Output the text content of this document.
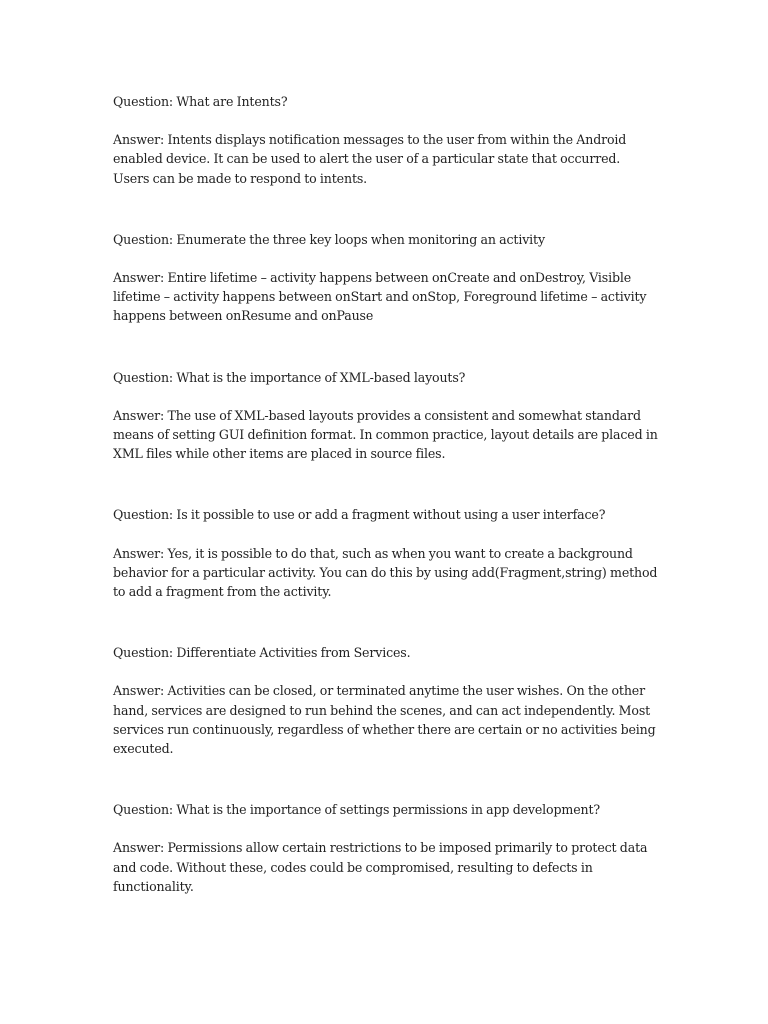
Question: What are Intents?

Answer: Intents displays notification messages to the user from within the Android enabled device. It can be used to alert the user of a particular state that occurred. Users can be made to respond to intents.

Question: Enumerate the three key loops when monitoring an activity

Answer: Entire lifetime – activity happens between onCreate and onDestroy, Visible lifetime – activity happens between onStart and onStop, Foreground lifetime – activity happens between onResume and onPause

Question: What is the importance of XML-based layouts?

Answer: The use of XML-based layouts provides a consistent and somewhat standard means of setting GUI definition format. In common practice, layout details are placed in XML files while other items are placed in source files.

Question: Is it possible to use or add a fragment without using a user interface?

Answer: Yes, it is possible to do that, such as when you want to create a background behavior for a particular activity. You can do this by using add(Fragment,string) method to add a fragment from the activity.

Question: Differentiate Activities from Services.

Answer: Activities can be closed, or terminated anytime the user wishes. On the other hand, services are designed to run behind the scenes, and can act independently. Most services run continuously, regardless of whether there are certain or no activities being executed.

Question: What is the importance of settings permissions in app development?

Answer: Permissions allow certain restrictions to be imposed primarily to protect data and code. Without these, codes could be compromised, resulting to defects in functionality.
